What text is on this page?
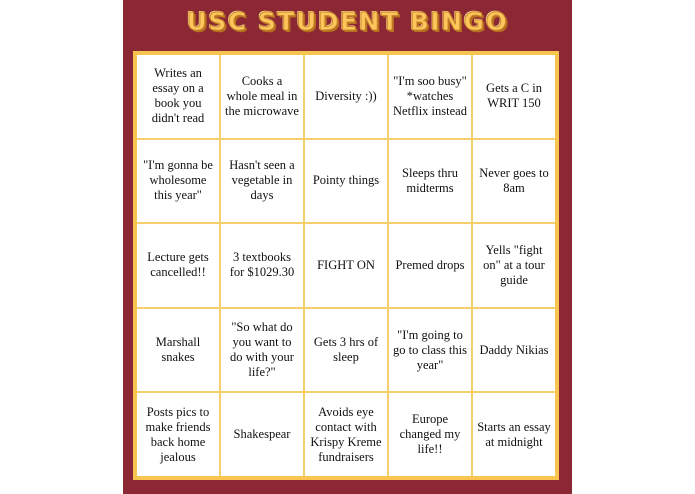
USC STUDENT BINGO
Writes an essay on a book you didn't read
Cooks a whole meal in the microwave
Diversity :))
"I'm soo busy" *watches Netflix instead
Gets a C in WRIT 150
"I'm gonna be wholesome this year"
Hasn't seen a vegetable in days
Pointy things
Sleeps thru midterms
Never goes to 8am
Lecture gets cancelled!!
3 textbooks for $1029.30
FIGHT ON Premed drops
Yells "fight on" at a tour guide
Marshall snakes
"So what do you want to do with your life?"
Gets 3 hrs of sleep
"I'm going to go to class this year"
Daddy Nikias
Posts pics to make friends back home jealous
Shakespear
Avoids eye contact with Krispy Kreme fundraisers
Europe changed my life!!
Starts an essay at midnight
